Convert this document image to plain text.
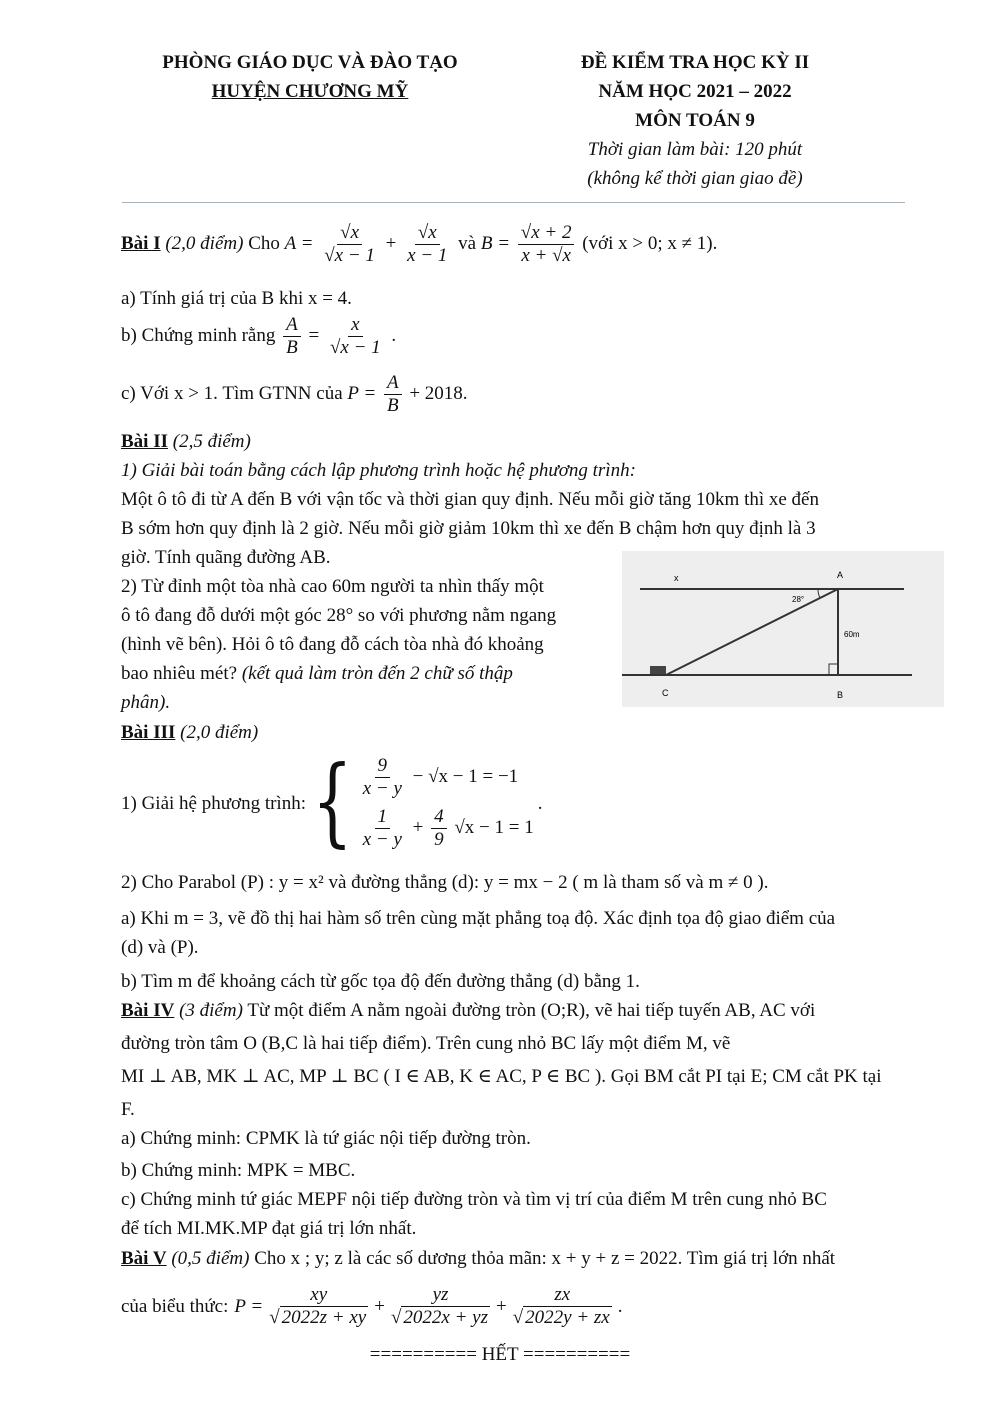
PHÒNG GIÁO DỤC VÀ ĐÀO TẠO
HUYỆN CHƯƠNG MỸ
ĐỀ KIỂM TRA HỌC KỲ II
NĂM HỌC 2021 – 2022
MÔN TOÁN 9
Thời gian làm bài: 120 phút
(không kể thời gian giao đề)
Bài I (2,0 điểm) Cho $A = \frac{√x}{√x - 1} + \frac{√x}{x - 1}$ và $B = \frac{√x + 2}{x + √x}$ (với x > 0; x ≠ 1).
a) Tính giá trị của B khi x = 4.
b) Chứng minh rằng $\frac{A}{B} = \frac{x}{√x - 1}$ .
c) Với x > 1. Tìm GTNN của $P = \frac{A}{B} + 2018$.
Bài II (2,5 điểm)
1) Giải bài toán bằng cách lập phương trình hoặc hệ phương trình:
Một ô tô đi từ A đến B với vận tốc và thời gian quy định. Nếu mỗi giờ tăng 10km thì xe đến
B sớm hơn quy định là 2 giờ. Nếu mỗi giờ giảm 10km thì xe đến B chậm hơn quy định là 3
giờ. Tính quãng đường AB.
2) Từ đỉnh một tòa nhà cao 60m người ta nhìn thấy một
ô tô đang đỗ dưới một góc 28° so với phương nằm ngang
(hình vẽ bên). Hỏi ô tô đang đỗ cách tòa nhà đó khoảng
bao nhiêu mét? (kết quả làm tròn đến 2 chữ số thập
phân).
x	A
28°
60m
C	B
Bài III (2,0 điểm)
1) Giải hệ phương trình: { $\frac{9}{x - y} - √x - 1 = -1$
$\frac{1}{x - y} + \frac{4}{9} √x - 1 = 1$
.
2) Cho Parabol (P) : y = x² và đường thẳng (d): y = mx − 2 ( m là tham số và m ≠ 0 ).
a) Khi m = 3, vẽ đồ thị hai hàm số trên cùng mặt phẳng toạ độ. Xác định tọa độ giao điểm của
(d) và (P).
b) Tìm m để khoảng cách từ gốc tọa độ đến đường thẳng (d) bằng 1.
Bài IV (3 điểm) Từ một điểm A nằm ngoài đường tròn (O;R), vẽ hai tiếp tuyến AB, AC với
đường tròn tâm O (B,C là hai tiếp điểm). Trên cung nhỏ BC lấy một điểm M, vẽ
MI ⊥ AB, MK ⊥ AC, MP ⊥ BC ( I ∈ AB, K ∈ AC, P ∈ BC ). Gọi BM cắt PI tại E; CM cắt PK tại
F.
a) Chứng minh: CPMK là tứ giác nội tiếp đường tròn.
b) Chứng minh: MPK = MBC.
c) Chứng minh tứ giác MEPF nội tiếp đường tròn và tìm vị trí của điểm M trên cung nhỏ BC
để tích MI.MK.MP đạt giá trị lớn nhất.
Bài V (0,5 điểm) Cho x ; y; z là các số dương thỏa mãn: x + y + z = 2022. Tìm giá trị lớn nhất
của biểu thức: $P = \frac{xy}{√ 2022z + xy} + \frac{yz}{√ 2022x + yz} + \frac{zx}{√ 2022y + zx}$ .
========== HẾT ==========
